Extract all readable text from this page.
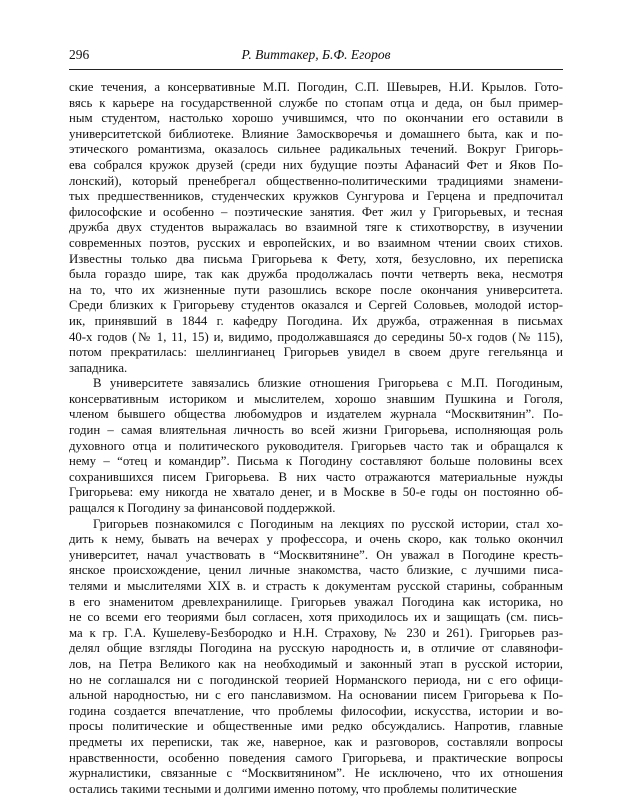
296	Р. Виттакер, Б.Ф. Егоров
ские течения, а консервативные М.П. Погодин, С.П. Шевырев, Н.И. Крылов. Гото-
вясь к карьере на государственной службе по стопам отца и деда, он был пример-
ным студентом, настолько хорошо учившимся, что по окончании его оставили в
университетской библиотеке. Влияние Замоскворечья и домашнего быта, как и по-
этического романтизма, оказалось сильнее радикальных течений. Вокруг Григорь-
ева собрался кружок друзей (среди них будущие поэты Афанасий Фет и Яков По-
лонский), который пренебрегал общественно-политическими традициями знамени-
тых предшественников, студенческих кружков Сунгурова и Герцена и предпочитал
философские и особенно – поэтические занятия. Фет жил у Григорьевых, и тесная
дружба двух студентов выражалась во взаимной тяге к стихотворству, в изучении
современных поэтов, русских и европейских, и во взаимном чтении своих стихов.
Известны только два письма Григорьева к Фету, хотя, безусловно, их переписка
была гораздо шире, так как дружба продолжалась почти четверть века, несмотря
на то, что их жизненные пути разошлись вскоре после окончания университета.
Среди близких к Григорьеву студентов оказался и Сергей Соловьев, молодой истор-
ик, принявший в 1844 г. кафедру Погодина. Их дружба, отраженная в письмах
40-х годов (№ 1, 11, 15) и, видимо, продолжавшаяся до середины 50-х годов (№ 115),
потом прекратилась: шеллингианец Григорьев увидел в своем друге гегельянца и
западника.
В университете завязались близкие отношения Григорьева с М.П. Погодиным,
консервативным историком и мыслителем, хорошо знавшим Пушкина и Гоголя,
членом бывшего общества любомудров и издателем журнала “Москвитянин”. По-
годин – самая влиятельная личность во всей жизни Григорьева, исполняющая роль
духовного отца и политического руководителя. Григорьев часто так и обращался к
нему – “отец и командир”. Письма к Погодину составляют больше половины всех
сохранившихся писем Григорьева. В них часто отражаются материальные нужды
Григорьева: ему никогда не хватало денег, и в Москве в 50-е годы он постоянно об-
ращался к Погодину за финансовой поддержкой.
Григорьев познакомился с Погодиным на лекциях по русской истории, стал хо-
дить к нему, бывать на вечерах у профессора, и очень скоро, как только окончил
университет, начал участвовать в “Москвитянине”. Он уважал в Погодине кресть-
янское происхождение, ценил личные знакомства, часто близкие, с лучшими писа-
телями и мыслителями XIX в. и страсть к документам русской старины, собранным
в его знаменитом древлехранилище. Григорьев уважал Погодина как историка, но
не со всеми его теориями был согласен, хотя приходилось их и защищать (см. пись-
ма к гр. Г.А. Кушелеву-Безбородко и Н.Н. Страхову, № 230 и 261). Григорьев раз-
делял общие взгляды Погодина на русскую народность и, в отличие от славянофи-
лов, на Петра Великого как на необходимый и законный этап в русской истории,
но не соглашался ни с погодинской теорией Норманского периода, ни с его офици-
альной народностью, ни с его панславизмом. На основании писем Григорьева к По-
година создается впечатление, что проблемы философии, искусства, истории и во-
просы политические и общественные ими редко обсуждались. Напротив, главные
предметы их переписки, так же, наверное, как и разговоров, составляли вопросы
нравственности, особенно поведения самого Григорьева, и практические вопросы
журналистики, связанные с “Москвитянином”. Не исключено, что их отношения
остались такими тесными и долгими именно потому, что проблемы политические
